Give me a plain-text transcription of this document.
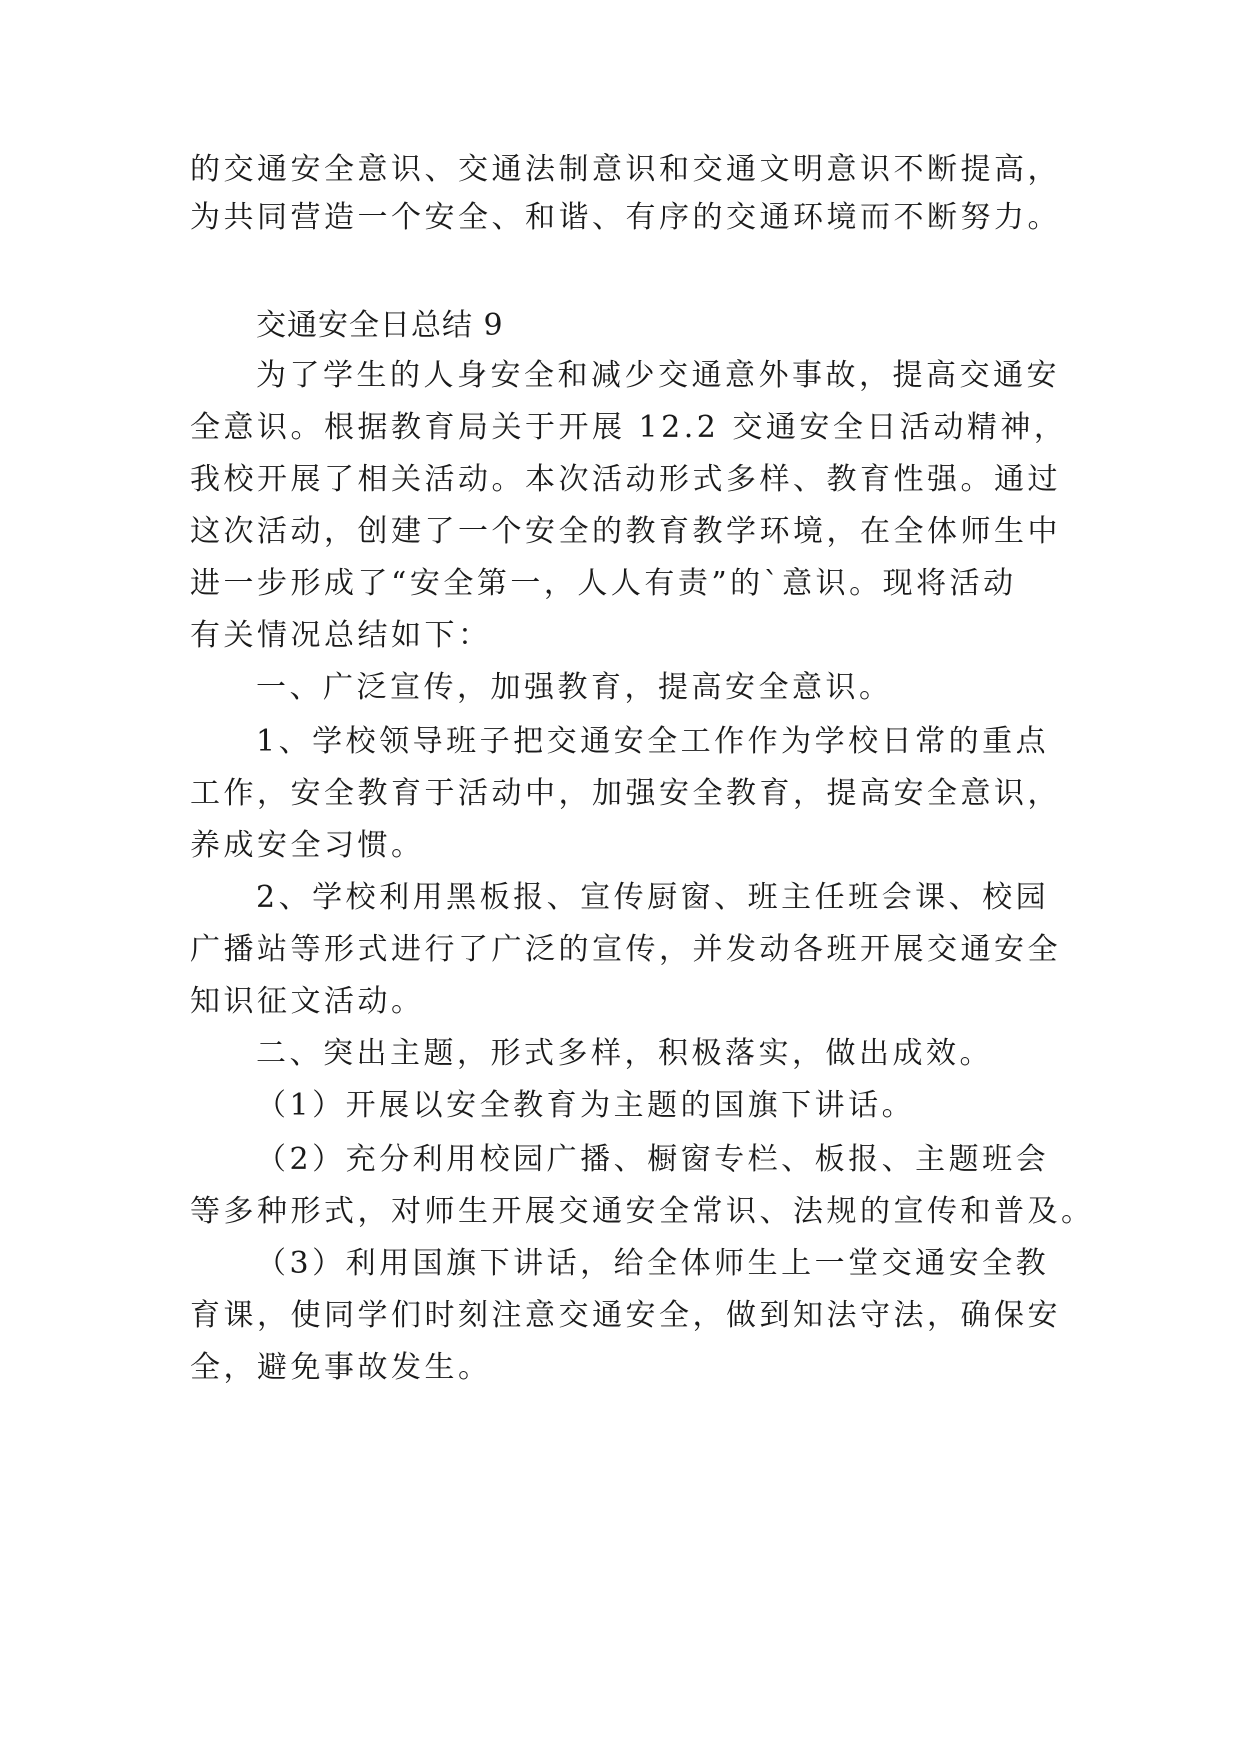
的交通安全意识、交通法制意识和交通文明意识不断提高，

为共同营造一个安全、和谐、有序的交通环境而不断努力。

交通安全日总结 9

为了学生的人身安全和减少交通意外事故，提高交通安

全意识。根据教育局关于开展 12.2 交通安全日活动精神，

我校开展了相关活动。本次活动形式多样、教育性强。通过

这次活动，创建了一个安全的教育教学环境，在全体师生中

进一步形成了“安全第一，人人有责”的`意识。现将活动

有关情况总结如下：

一、广泛宣传，加强教育，提高安全意识。

1、学校领导班子把交通安全工作作为学校日常的重点

工作，安全教育于活动中，加强安全教育，提高安全意识，

养成安全习惯。

2、学校利用黑板报、宣传厨窗、班主任班会课、校园

广播站等形式进行了广泛的宣传，并发动各班开展交通安全

知识征文活动。

二、突出主题，形式多样，积极落实，做出成效。

（1）开展以安全教育为主题的国旗下讲话。

（2）充分利用校园广播、橱窗专栏、板报、主题班会

等多种形式，对师生开展交通安全常识、法规的宣传和普及。

（3）利用国旗下讲话，给全体师生上一堂交通安全教

育课，使同学们时刻注意交通安全，做到知法守法，确保安

全，避免事故发生。
